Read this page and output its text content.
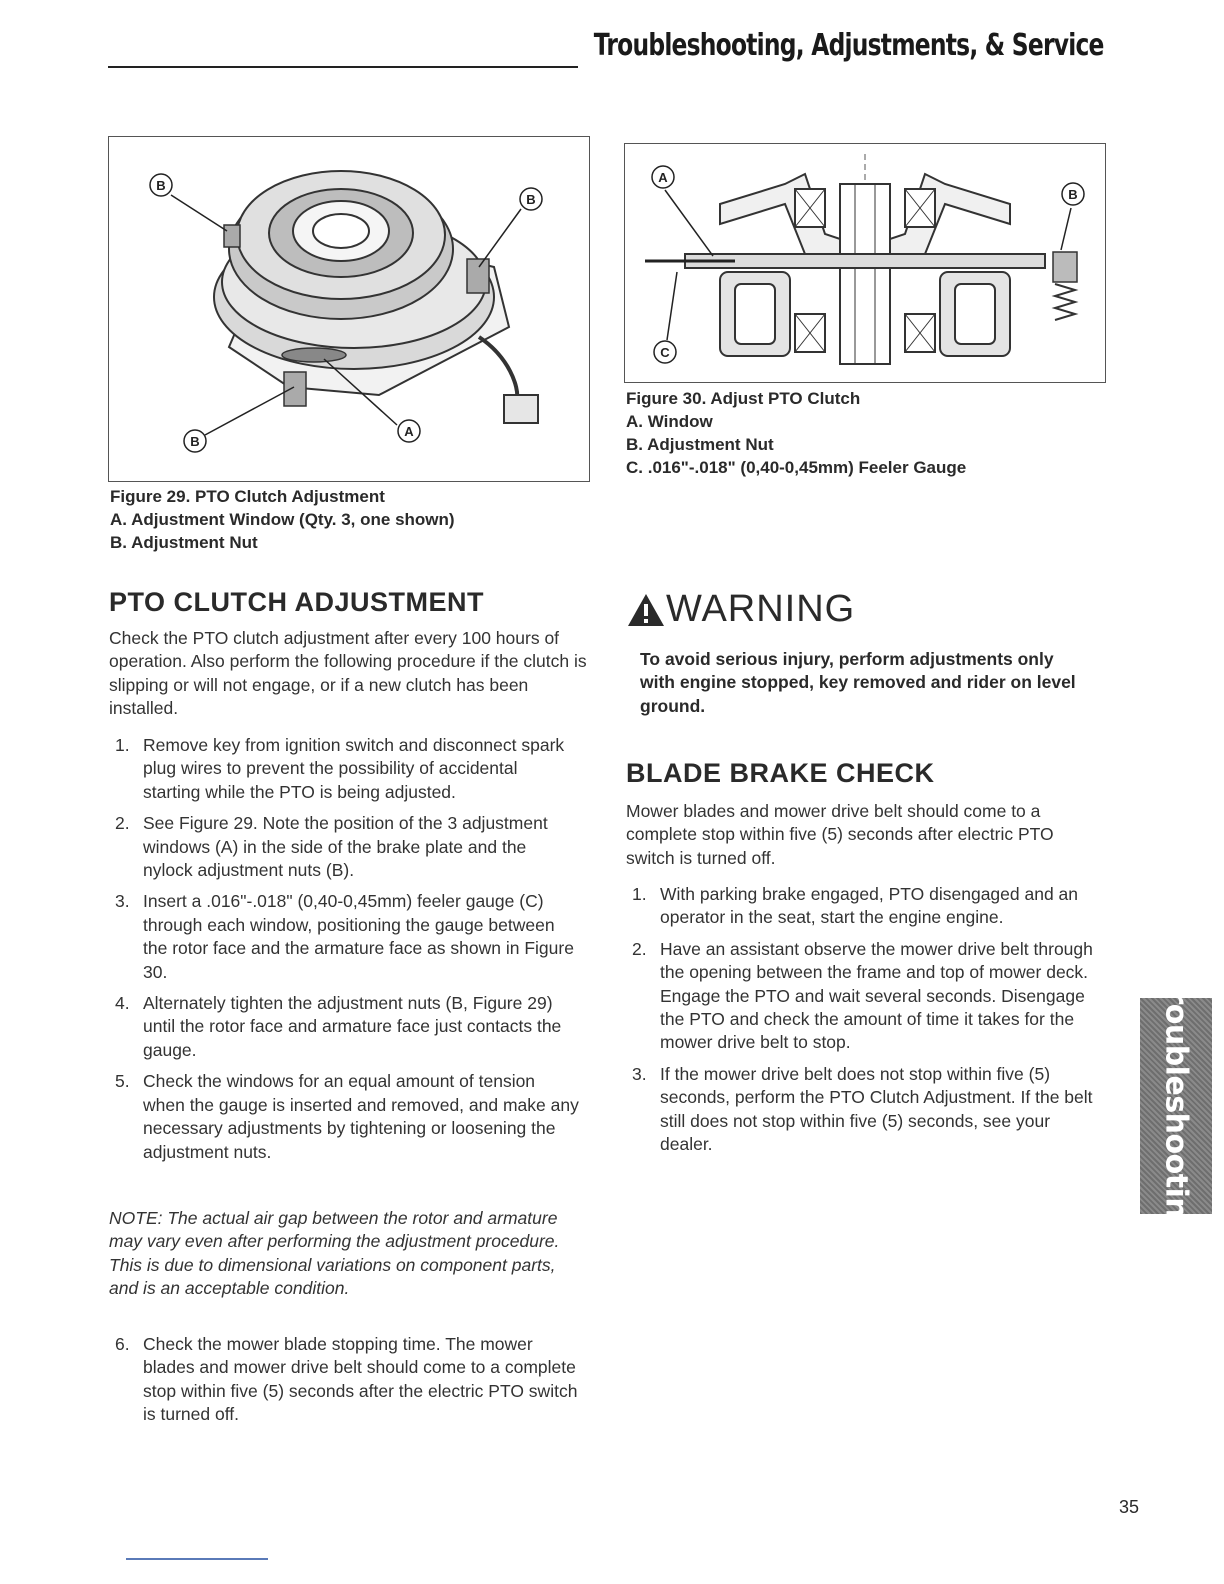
Troubleshooting, Adjustments, & Service
B
B
B
A
Figure 29. PTO Clutch Adjustment
A. Adjustment Window (Qty. 3, one shown)
B. Adjustment Nut
A
B
C
Figure 30. Adjust PTO Clutch
A. Window
B. Adjustment Nut
C. .016"-.018" (0,40-0,45mm) Feeler Gauge
PTO CLUTCH ADJUSTMENT

Check the PTO clutch adjustment after every 100 hours of operation. Also perform the following procedure if the clutch is slipping or will not engage, or if a new clutch has been installed.

1. Remove key from ignition switch and disconnect spark plug wires to prevent the possibility of accidental starting while the PTO is being adjusted.
2. See Figure 29. Note the position of the 3 adjustment windows (A) in the side of the brake plate and the nylock adjustment nuts (B).
3. Insert a .016"-.018" (0,40-0,45mm) feeler gauge (C) through each window, positioning the gauge between the rotor face and the armature face as shown in Figure 30.
4. Alternately tighten the adjustment nuts (B, Figure 29) until the rotor face and armature face just contacts the gauge.
5. Check the windows for an equal amount of tension when the gauge is inserted and removed, and make any necessary adjustments by tightening or loosening the adjustment nuts.

NOTE: The actual air gap between the rotor and armature may vary even after performing the adjustment procedure. This is due to dimensional variations on component parts, and is an acceptable condition.

6. Check the mower blade stopping time. The mower blades and mower drive belt should come to a complete stop within five (5) seconds after the electric PTO switch is turned off.
WARNING
To avoid serious injury, perform adjustments only with engine stopped, key removed and rider on level ground.
BLADE BRAKE CHECK

Mower blades and mower drive belt should come to a complete stop within five (5) seconds after electric PTO switch is turned off.

1. With parking brake engaged, PTO disengaged and an operator in the seat, start the engine engine.
2. Have an assistant observe the mower drive belt through the opening between the frame and top of mower deck. Engage the PTO and wait several seconds. Disengage the PTO and check the amount of time it takes for the mower drive belt to stop.
3. If the mower drive belt does not stop within five (5) seconds, perform the PTO Clutch Adjustment. If the belt still does not stop within five (5) seconds, see your dealer.	Troubleshooting
35
